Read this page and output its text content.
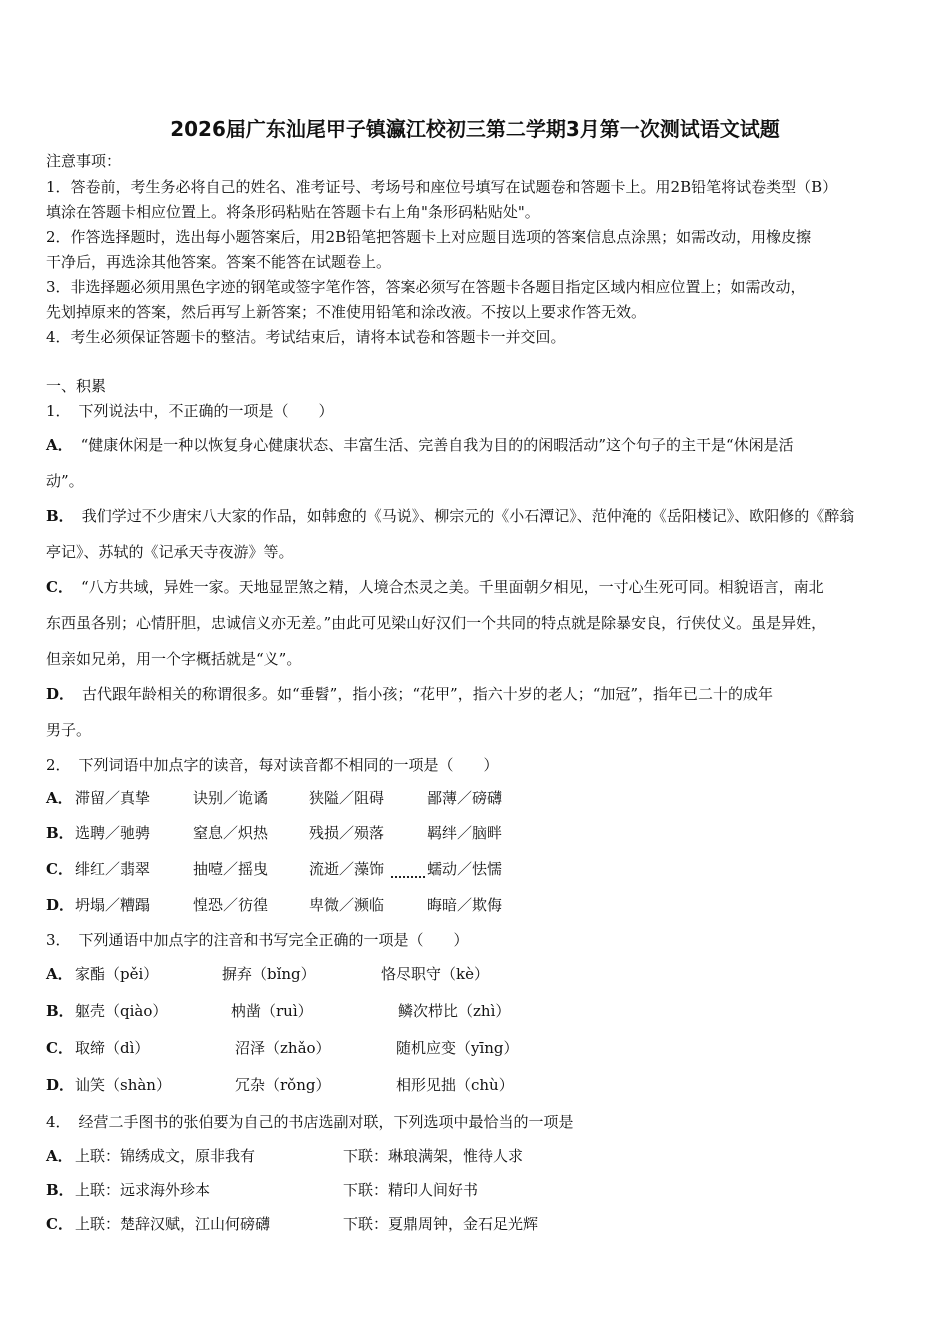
2026届广东汕尾甲子镇瀛江校初三第二学期3月第一次测试语文试题

注意事项：

1．答卷前，考生务必将自己的姓名、准考证号、考场号和座位号填写在试题卷和答题卡上。用2B铅笔将试卷类型（B）

填涂在答题卡相应位置上。将条形码粘贴在答题卡右上角"条形码粘贴处"。

2．作答选择题时，选出每小题答案后，用2B铅笔把答题卡上对应题目选项的答案信息点涂黑；如需改动，用橡皮擦

干净后，再选涂其他答案。答案不能答在试题卷上。

3．非选择题必须用黑色字迹的钢笔或签字笔作答，答案必须写在答题卡各题目指定区域内相应位置上；如需改动，

先划掉原来的答案，然后再写上新答案；不准使用铅笔和涂改液。不按以上要求作答无效。

4．考生必须保证答题卡的整洁。考试结束后，请将本试卷和答题卡一并交回。

一、积累

1． 下列说法中，不正确的一项是（　　）

A． “健康休闲是一种以恢复身心健康状态、丰富生活、完善自我为目的的闲暇活动”这个句子的主干是“休闲是活

动”。

B． 我们学过不少唐宋八大家的作品，如韩愈的《马说》、柳宗元的《小石潭记》、范仲淹的《岳阳楼记》、欧阳修的《醉翁

亭记》、苏轼的《记承天寺夜游》等。

C． “八方共域，异姓一家。天地显罡煞之精，人境合杰灵之美。千里面朝夕相见，一寸心生死可同。相貌语言，南北

东西虽各别；心情肝胆，忠诚信义亦无差。”由此可见梁山好汉们一个共同的特点就是除暴安良，行侠仗义。虽是异姓，

但亲如兄弟，用一个字概括就是“义”。

D． 古代跟年龄相关的称谓很多。如“垂髫”，指小孩；“花甲”，指六十岁的老人；“加冠”，指年已二十的成年

男子。

2． 下列词语中加点字的读音，每对读音都不相同的一项是（　　）

A． 滞留／真挚	诀别／诡谲	狭隘／阻碍	鄙薄／磅礴
B． 选聘／驰骋	窒息／炽热	残损／殒落	羁绊／脑畔
C． 绯红／翡翠	抽噎／摇曳	流逝／藻饰	蠕动／怯懦
D． 坍塌／糟蹋	惶恐／彷徨	卑微／濒临	晦暗／欺侮

3． 下列通语中加点字的注音和书写完全正确的一项是（　　）

A． 家酯（pěi）	摒弃（bǐng）	恪尽职守（kè）
B． 躯壳（qiào）	枘凿（ruì）	鳞次栉比（zhì）
C． 取缔（dì）	沼泽（zhǎo）	随机应变（yīng）
D． 讪笑（shàn）	冗杂（rǒng）	相形见拙（chù）

4． 经营二手图书的张伯要为自己的书店选副对联，下列选项中最恰当的一项是

A． 上联：锦绣成文，原非我有	下联：琳琅满架，惟待人求
B． 上联：远求海外珍本	下联：精印人间好书
C． 上联：楚辞汉赋，江山何磅礴	下联：夏鼎周钟，金石足光辉
